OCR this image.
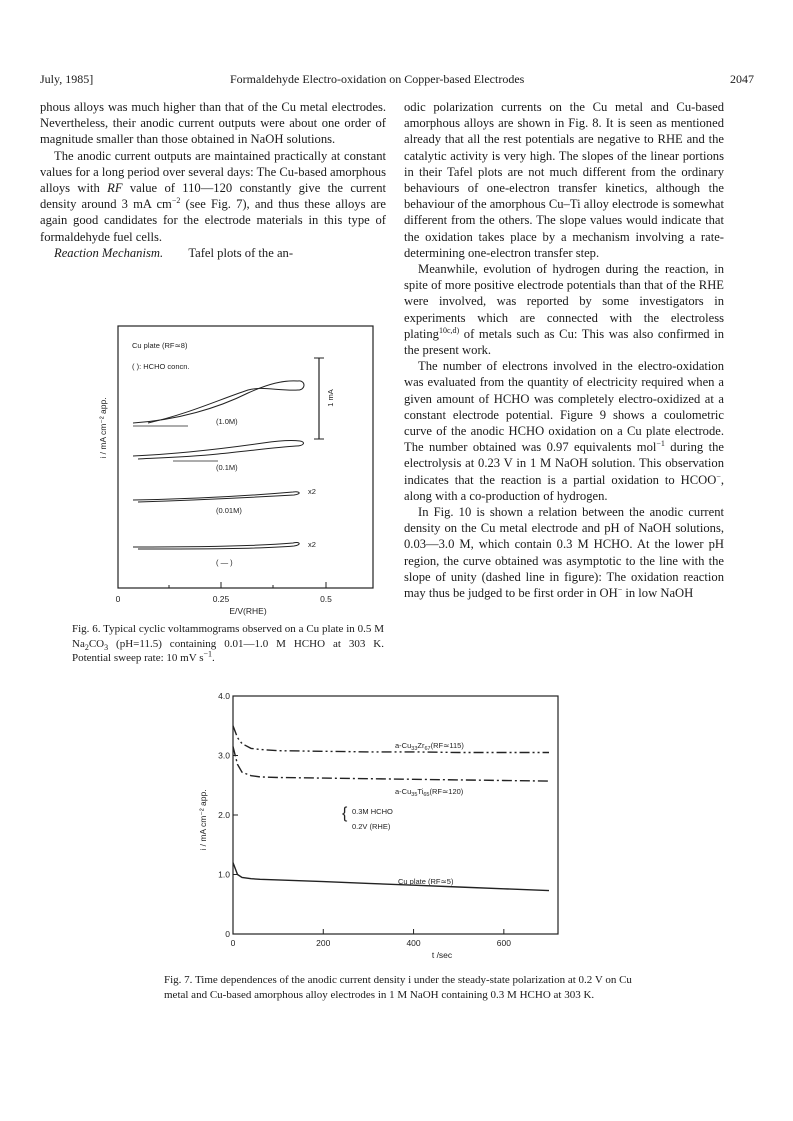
July, 1985]	Formaldehyde Electro-oxidation on Copper-based Electrodes	2047

phous alloys was much higher than that of the Cu metal electrodes. Nevertheless, their anodic current outputs were about one order of magnitude smaller than those obtained in NaOH solutions.

The anodic current outputs are maintained practically at constant values for a long period over several days: The Cu-based amorphous alloys with RF value of 110—120 constantly give the current density around 3 mA $cm^{-2}$ (see Fig. 7), and thus these alloys are again good candidates for the electrode materials in this type of formaldehyde fuel cells.

Reaction Mechanism. Tafel plots of the an-

0	0.25	0.5
E/V(RHE)
i / mA cm⁻² app.
Cu plate (RF≃8)
( ): HCHO concn.
1 mA
(1.0M)
(0.1M)
x2
(0.01M)
x2
( — )
Fig. 6. Typical cyclic voltammograms observed on a Cu plate in 0.5 M $Na_2CO_3$ (pH=11.5) containing 0.01—1.0 M HCHO at 303 K. Potential sweep rate: 10 mV $s^{-1}$.

odic polarization currents on the Cu metal and Cu-based amorphous alloys are shown in Fig. 8. It is seen as mentioned already that all the rest potentials are negative to RHE and the catalytic activity is very high. The slopes of the linear portions in their Tafel plots are not much different from the ordinary behaviours of one-electron transfer kinetics, although the behaviour of the amorphous Cu–Ti alloy electrode is somewhat different from the others. The slope values would indicate that the oxidation takes place by a mechanism involving a rate-determining one-electron transfer step.

Meanwhile, evolution of hydrogen during the reaction, in spite of more positive electrode potentials than that of the RHE were involved, was reported by some investigators in experiments which are connected with the electroless plating$^{10c,d)}$ of metals such as Cu: This was also confirmed in the present work.

The number of electrons involved in the electro-oxidation was evaluated from the quantity of electricity required when a given amount of HCHO was completely electro-oxidized at a constant electrode potential. Figure 9 shows a coulometric curve of the anodic HCHO oxidation on a Cu plate electrode. The number obtained was 0.97 equivalents mol$^{-1}$ during the electrolysis at 0.23 V in 1 M NaOH solution. This observation indicates that the reaction is a partial oxidation to HCOO−, along with a co-production of hydrogen.

In Fig. 10 is shown a relation between the anodic current density on the Cu metal electrode and pH of NaOH solutions, 0.03—3.0 M, which contain 0.3 M HCHO. At the lower pH region, the curve obtained was asymptotic to the line with the slope of unity (dashed line in figure): The oxidation reaction may thus be judged to be first order in OH− in low NaOH

0	200	400	600
0
1.0
2.0
3.0
4.0
i / mA cm⁻² app.
t /sec
{ 0.3M HCHO
0.2V (RHE)
$a-Cu_{33}Zr_{67}(RF≃115)$
$a-Cu_{35}Ti_{65}(RF≃120)$
Cu plate (RF≃5)
Fig. 7. Time dependences of the anodic current density i under the steady-state polarization at 0.2 V on Cu metal and Cu-based amorphous alloy electrodes in 1 M NaOH containing 0.3 M HCHO at 303 K.
